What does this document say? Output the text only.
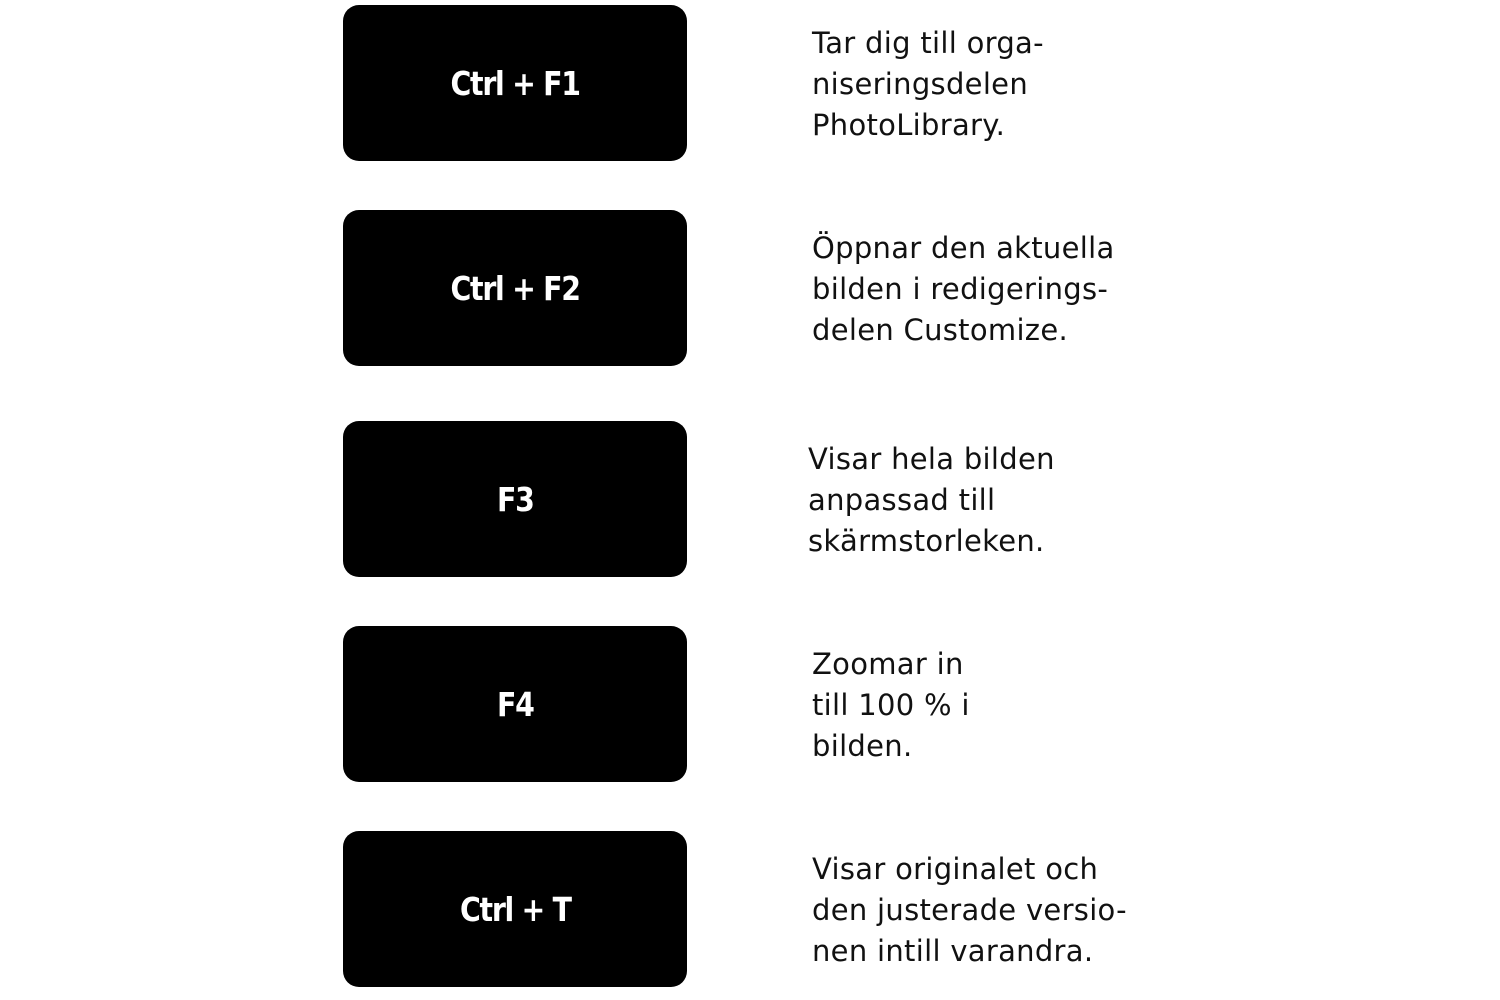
Ctrl + F1
Tar dig till orga-
niseringsdelen
PhotoLibrary.
Ctrl + F2
Öppnar den aktuella
bilden i redigerings-
delen Customize.
F3
Visar hela bilden
anpassad till
skärmstorleken.
F4
Zoomar in
till 100 % i
bilden.
Ctrl + T
Visar originalet och
den justerade versio-
nen intill varandra.
